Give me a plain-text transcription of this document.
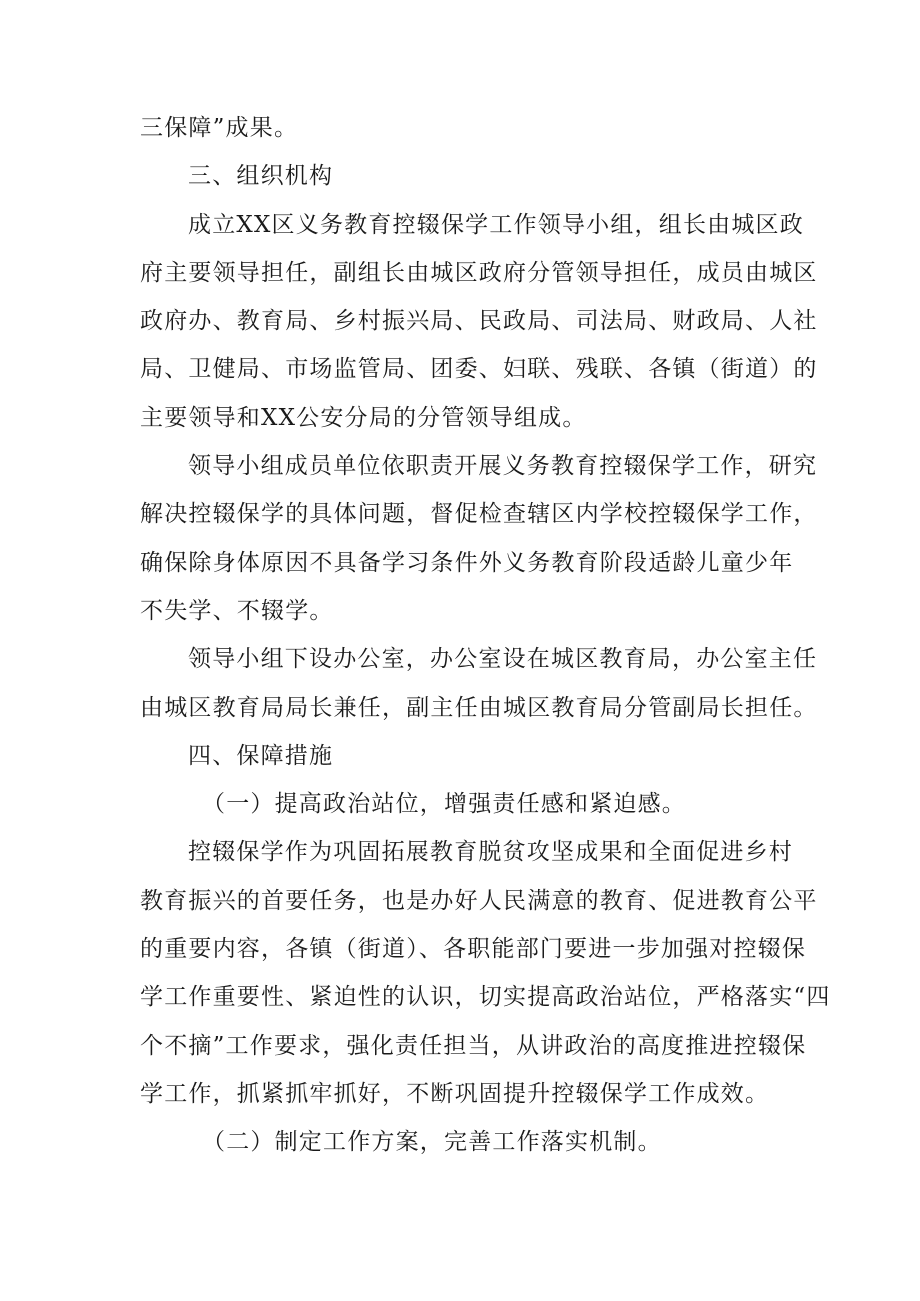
三保障”成果。
三、组织机构
成立XX区义务教育控辍保学工作领导小组，组长由城区政
府主要领导担任，副组长由城区政府分管领导担任，成员由城区
政府办、教育局、乡村振兴局、民政局、司法局、财政局、人社
局、卫健局、市场监管局、团委、妇联、残联、各镇（街道）的
主要领导和XX公安分局的分管领导组成。
领导小组成员单位依职责开展义务教育控辍保学工作，研究
解决控辍保学的具体问题，督促检查辖区内学校控辍保学工作，
确保除身体原因不具备学习条件外义务教育阶段适龄儿童少年
不失学、不辍学。
领导小组下设办公室，办公室设在城区教育局，办公室主任
由城区教育局局长兼任，副主任由城区教育局分管副局长担任。
四、保障措施
（一）提高政治站位，增强责任感和紧迫感。
控辍保学作为巩固拓展教育脱贫攻坚成果和全面促进乡村
教育振兴的首要任务，也是办好人民满意的教育、促进教育公平
的重要内容，各镇（街道）、各职能部门要进一步加强对控辍保
学工作重要性、紧迫性的认识，切实提高政治站位，严格落实“四
个不摘”工作要求，强化责任担当，从讲政治的高度推进控辍保
学工作，抓紧抓牢抓好，不断巩固提升控辍保学工作成效。
（二）制定工作方案，完善工作落实机制。
